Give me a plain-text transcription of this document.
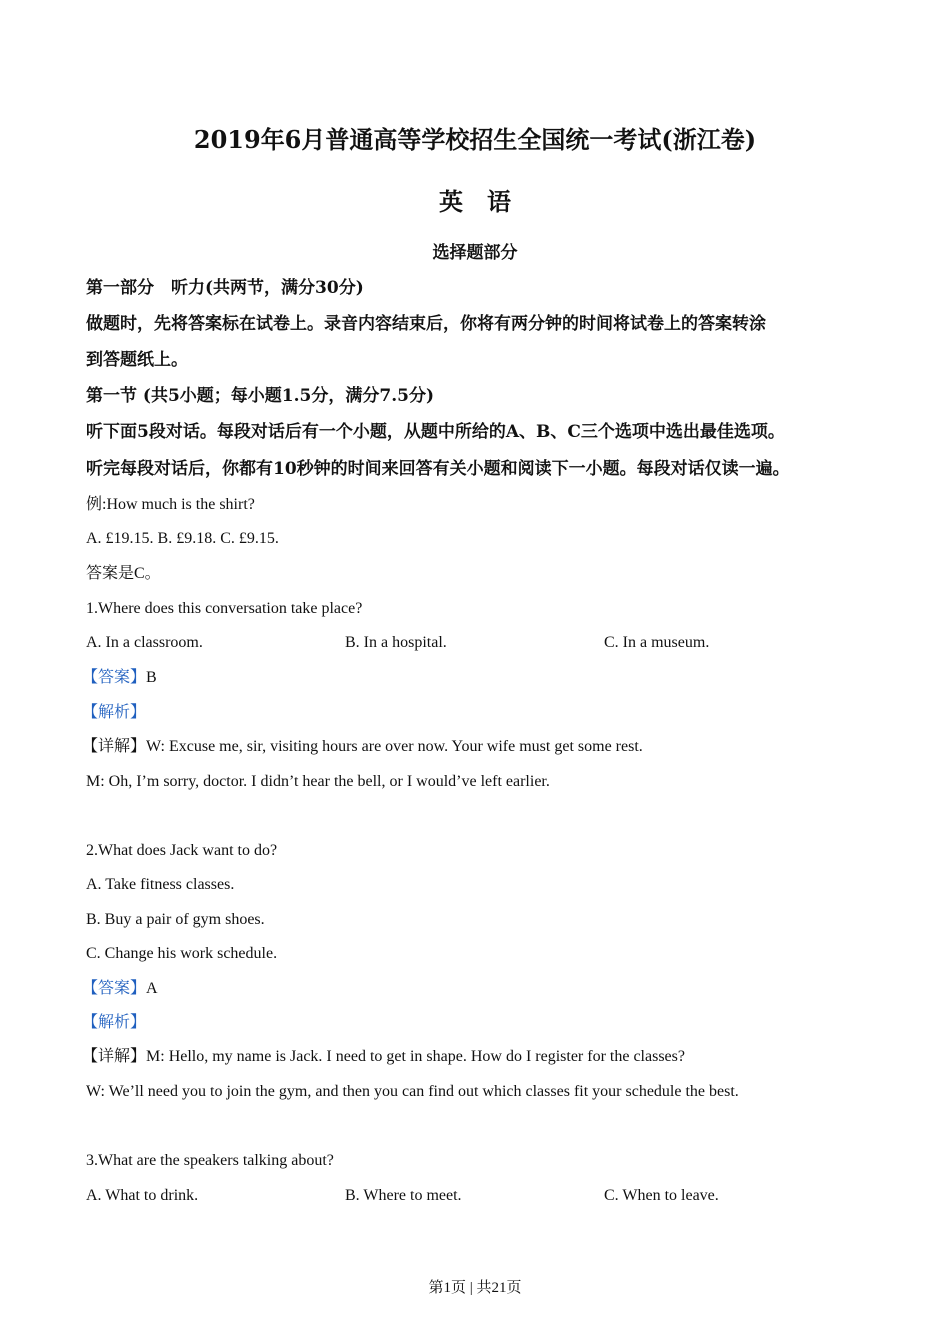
2019年6月普通高等学校招生全国统一考试(浙江卷)
英　语
选择题部分
第一部分　听力(共两节，满分30分)
做题时，先将答案标在试卷上。录音内容结束后，你将有两分钟的时间将试卷上的答案转涂
到答题纸上。
第一节 (共5小题；每小题1.5分，满分7.5分)
听下面5段对话。每段对话后有一个小题，从题中所给的A、B、C三个选项中选出最佳选项。
听完每段对话后，你都有10秒钟的时间来回答有关小题和阅读下一小题。每段对话仅读一遍。
例:How much is the shirt?
A. £19.15. B. £9.18. C. £9.15.
答案是C。
1.Where does this conversation take place?
A. In a classroom.	B. In a hospital.	C. In a museum.
【答案】B
【解析】
【详解】W: Excuse me, sir, visiting hours are over now. Your wife must get some rest.
M: Oh, I’m sorry, doctor. I didn’t hear the bell, or I would’ve left earlier.
2.What does Jack want to do?
A. Take fitness classes.
B. Buy a pair of gym shoes.
C. Change his work schedule.
【答案】A
【解析】
【详解】M: Hello, my name is Jack. I need to get in shape. How do I register for the classes?
W: We’ll need you to join the gym, and then you can find out which classes fit your schedule the best.
3.What are the speakers talking about?
A. What to drink.	B. Where to meet.	C. When to leave.
第1页 | 共21页
